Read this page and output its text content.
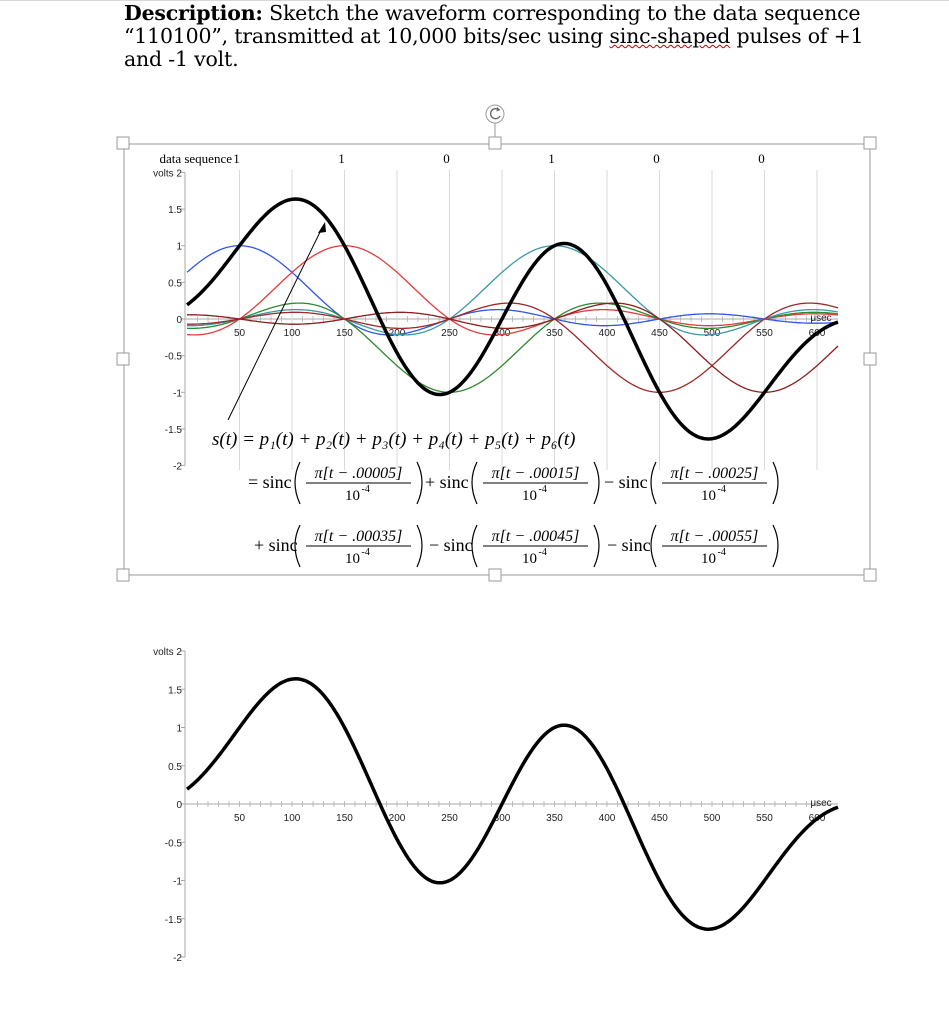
Description: Sketch the waveform corresponding to the data sequence “110100”, transmitted at 10,000 bits/sec using sinc-shaped pulses of +1 and -1 volt.
volts 2
1.5
1
0.5
0
-0.5
-1
-1.5
-2
50	100	150	200	250	300	350	400	450	500	550	600
μsec
data sequence 1	1	0	1	0	0
s(t) = p₁(t) + p₂(t) + p₃(t) + p₄(t) + p₅(t) + p₆(t)
= sinc π[t − .00005]
10 -4	+ sinc π[t − .00015]
10 -4	− sinc π[t − .00025]
10 -4
+ sinc π[t − .00035]
10 -4	− sinc π[t − .00045]
10 -4	− sinc π[t − .00055]
10 -4
volts 2
1.5
1
0.5
0
-0.5
-1
-1.5
-2
50	100	150	200	250	300	350	400	450	500	550	600
μsec
